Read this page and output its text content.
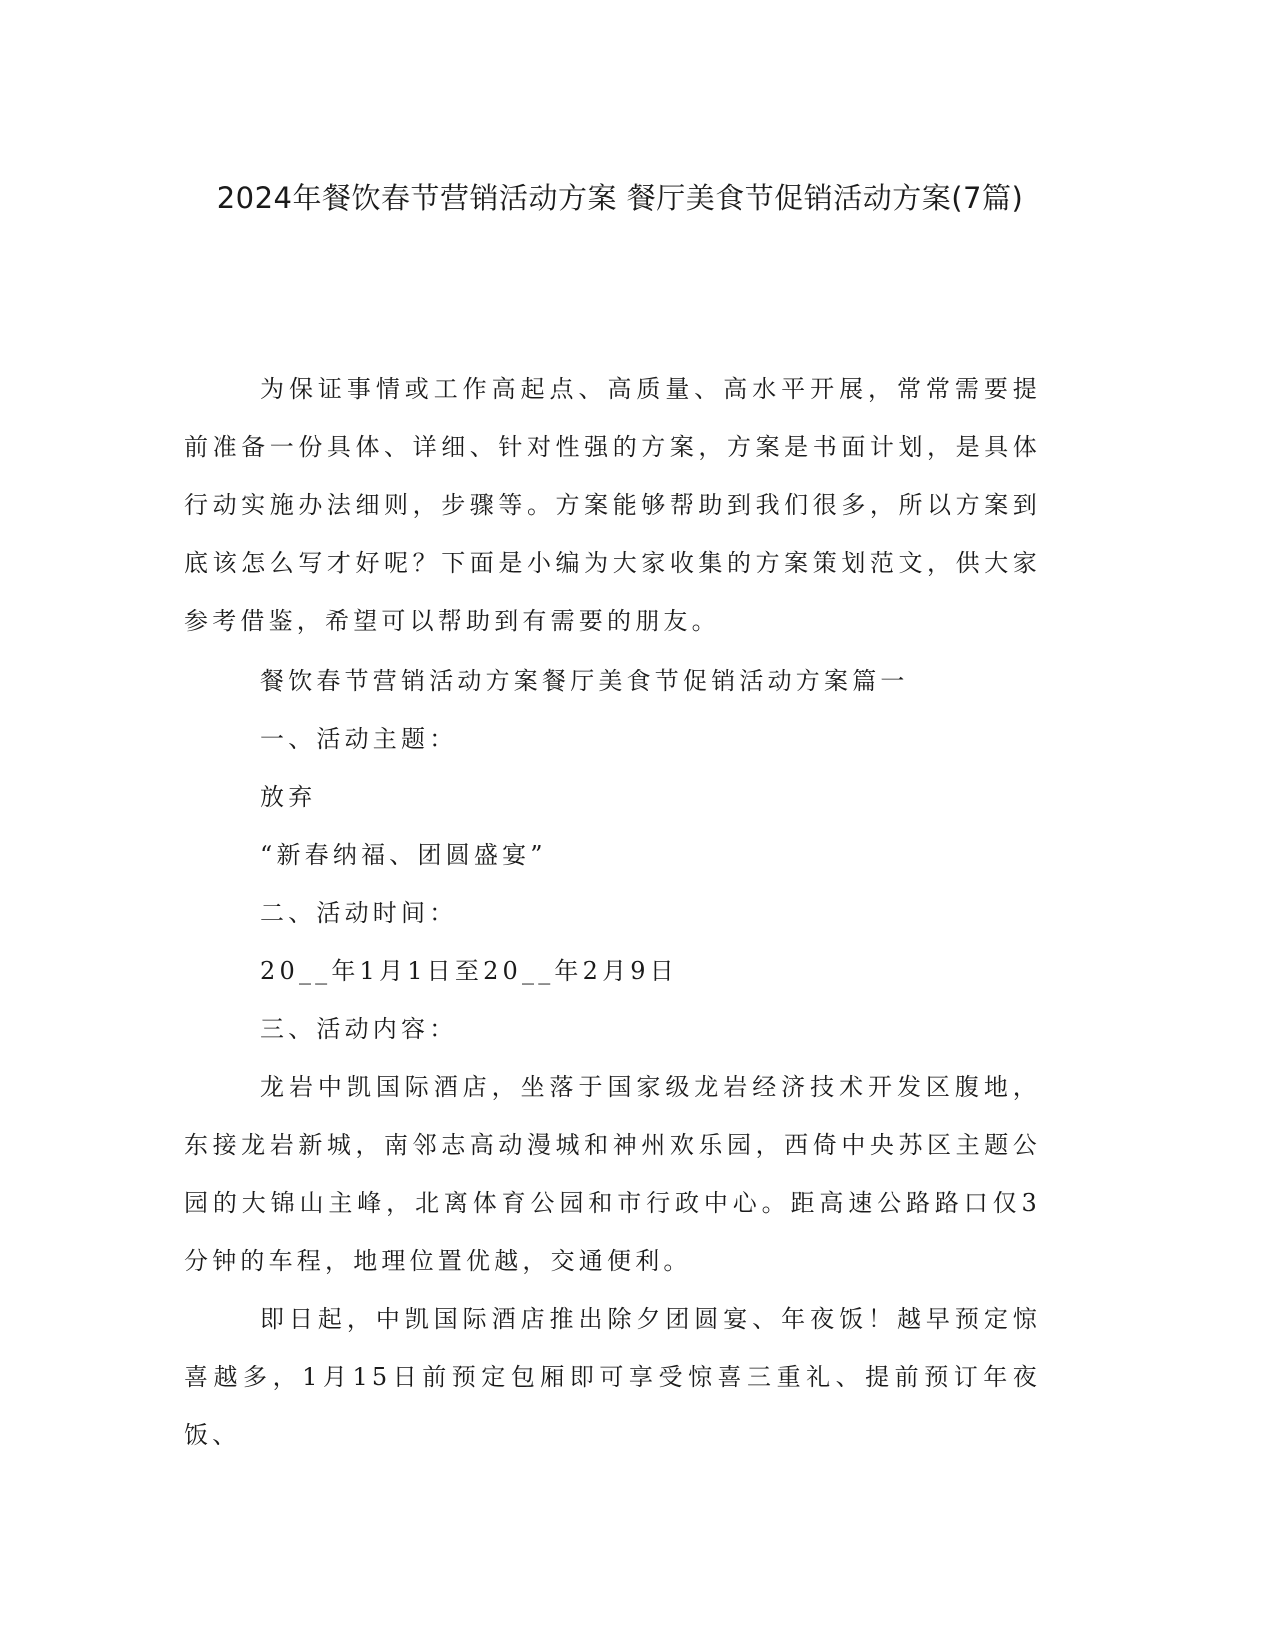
2024年餐饮春节营销活动方案 餐厅美食节促销活动方案(7篇)

为保证事情或工作高起点、高质量、高水平开展，常常需要提前准备一份具体、详细、针对性强的方案，方案是书面计划，是具体行动实施办法细则，步骤等。方案能够帮助到我们很多，所以方案到底该怎么写才好呢？下面是小编为大家收集的方案策划范文，供大家参考借鉴，希望可以帮助到有需要的朋友。

餐饮春节营销活动方案餐厅美食节促销活动方案篇一

一、活动主题：

放弃

“新春纳福、团圆盛宴”

二、活动时间：

20__年1月1日至20__年2月9日

三、活动内容：

龙岩中凯国际酒店，坐落于国家级龙岩经济技术开发区腹地，东接龙岩新城，南邻志高动漫城和神州欢乐园，西倚中央苏区主题公园的大锦山主峰，北离体育公园和市行政中心。距高速公路路口仅3分钟的车程，地理位置优越，交通便利。

即日起，中凯国际酒店推出除夕团圆宴、年夜饭！越早预定惊喜越多，1月15日前预定包厢即可享受惊喜三重礼、提前预订年夜饭、
